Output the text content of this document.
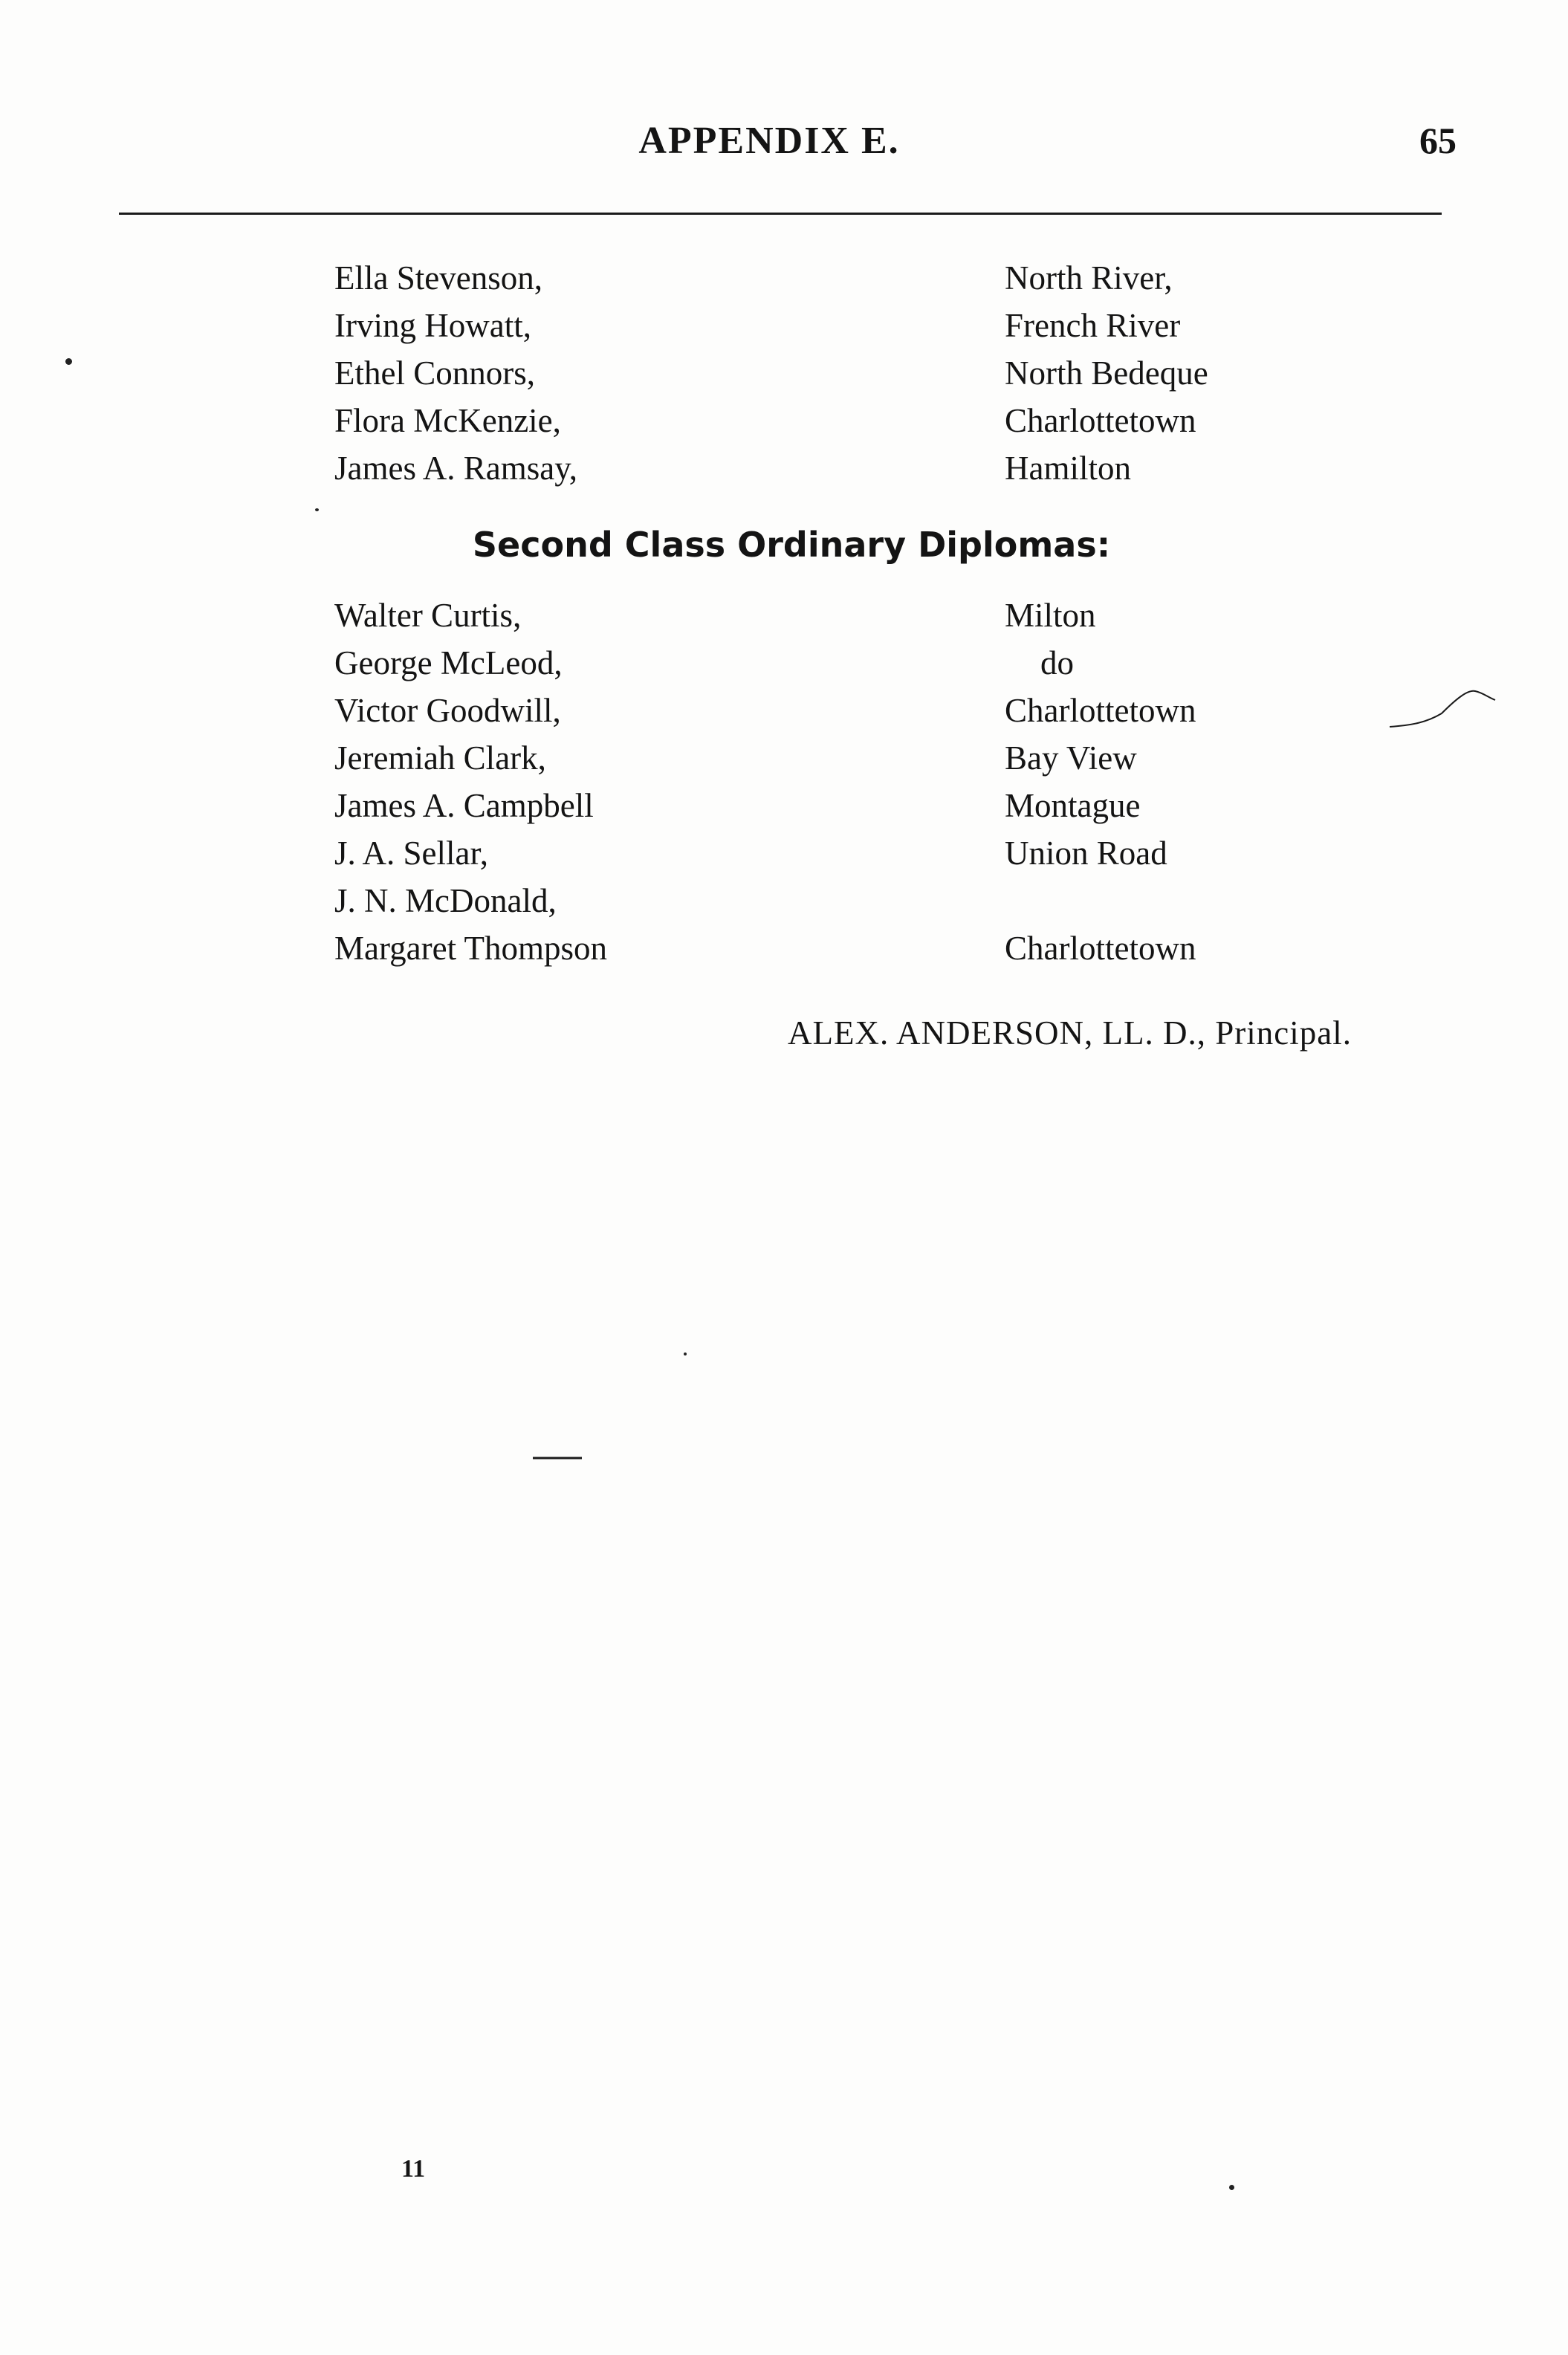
APPENDIX E.	65
Ella Stevenson,	North River,
Irving Howatt,	French River
Ethel Connors,	North Bedeque
Flora McKenzie,	Charlottetown
James A. Ramsay,	Hamilton
Second Class Ordinary Diplomas:
Walter Curtis,	Milton
George McLeod,	do
Victor Goodwill,	Charlottetown
Jeremiah Clark,	Bay View
James A. Campbell	Montague
J. A. Sellar,	Union Road
J. N. McDonald,
Margaret Thompson	Charlottetown
ALEX. ANDERSON, LL. D., Principal.
11
